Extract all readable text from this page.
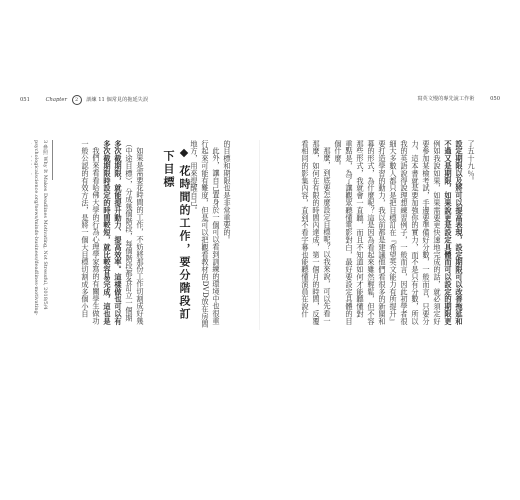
051	Chapter 2 訓練 11 個常見的拖延失誤	寫英文慢的專先說工作術	050

了五十九％。

設定期限以及將可以提高表現，設定期限可以改善拖延和

不過又是期限，如果說更是設定具體而可以設定的期限更

例如我說如果，如果需要更快速地完成的話，就必須定好

要參加某檢考試，手邊要準備好分數，一般而言，只要分

力，這本書就是要加強你的實力，而不是只有分數，所以

我的英語說得說理想練習例子，一般而言，因此初學者很

細大多數人都只是把目標訂在『希望英文能力有所提升』

要打造學習的動力，我以前都是建議他們看很多的新聞和

幕的形式，為什麼呢？這是因為看起來雖然輕鬆，但不容

那些形式，我就會一直聽，而且不知道如何才能聽懂對

重點是，為了讓觀眾聽懂電影對白，最好要設定具體的目

個什麼。

那麼，到底要怎麼設定目標呢？以我來說，可以先看一

那麼，如何在有限的時間內達成，第一個月的時間，反覆

看相同的影集內容，直到不看字幕也能聽懂演員在說什

的目標和期限也是非常重要的。

此外，讓自己置身於一個可以看到訓練的環境中也很重

行起來可能有難度，但是可以把觀看教材的DVD放在房間

地方，用來提醒自己。

花時間的工作，要分階段訂下目標

如果是需要花時間的工作，不妨將那份工作切割成好幾

（中途目標），分成幾個階段，每個階段都各訂立一個期

多次截期限，就能提升動力、提高效率。這樣做也可以有

多次截期限時設定的時間較短，就比較容易完成，這也是

我們來看看哈佛大學的行為心理學家寫的有關學生做功

一般公認的有效方法，是將一個大目標切割成多個小目

3 參照 Why It Makes Deadlines Motivating, Not Stressful, 2018/5/4
psychologicalscience.org/news/minds-business/deadlines-motivating-
